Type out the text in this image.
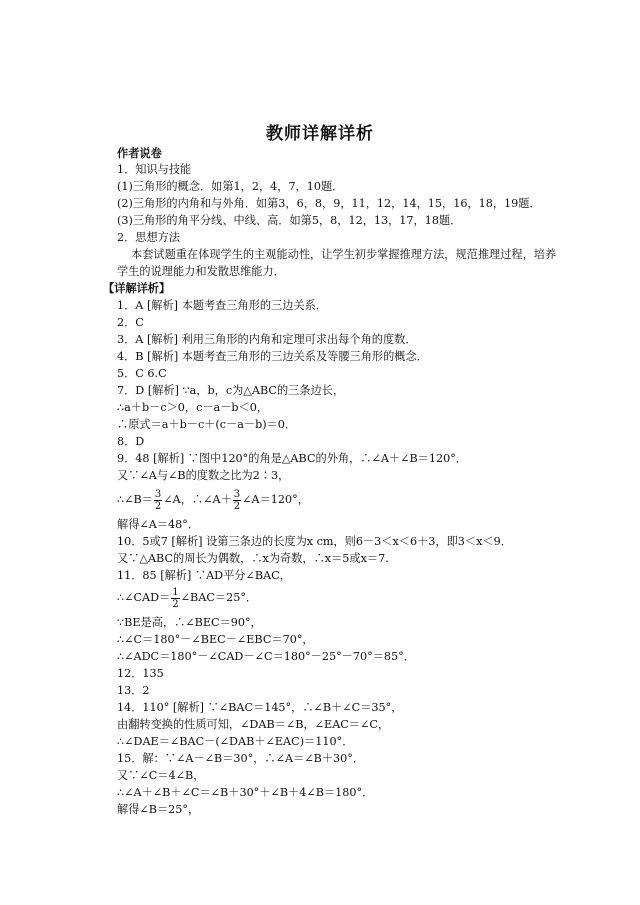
教师详解详析
作者说卷
1．知识与技能
(1)三角形的概念．如第1，2，4，7，10题．
(2)三角形的内角和与外角．如第3，6，8，9，11，12，14，15，16，18，19题．
(3)三角形的角平分线、中线、高．如第5，8，12，13，17，18题．
2．思想方法
本套试题重在体现学生的主观能动性，让学生初步掌握推理方法，规范推理过程，培养
学生的说理能力和发散思维能力．
【详解详析】
1．A [解析] 本题考查三角形的三边关系．
2．C
3．A [解析] 利用三角形的内角和定理可求出每个角的度数．
4．B [解析] 本题考查三角形的三边关系及等腰三角形的概念．
5．C 6.C
7．D [解析] ∵a，b，c为△ABC的三条边长，
∴a＋b－c＞0，c－a－b＜0，
∴原式＝a＋b－c＋(c－a－b)＝0．
8．D
9．48 [解析] ∵图中120°的角是△ABC的外角，∴∠A＋∠B＝120°．
又∵∠A与∠B的度数之比为2∶3，
∴∠B＝ $\frac{3}{2}$ ∠A，∴∠A＋ $\frac{3}{2}$ ∠A＝120°，
解得∠A＝48°．
10．5或7 [解析] 设第三条边的长度为x cm，则6－3＜x＜6＋3，即3＜x＜9．
又∵△ABC的周长为偶数，∴x为奇数，∴x＝5或x＝7.
11．85 [解析] ∵AD平分∠BAC，
∴∠CAD＝ $\frac{1}{2}$ ∠BAC＝25°．
∵BE是高，∴∠BEC＝90°，
∴∠C＝180°－∠BEC－∠EBC＝70°，
∴∠ADC＝180°－∠CAD－∠C＝180°－25°－70°＝85°．
12．135
13．2
14．110° [解析] ∵∠BAC＝145°，∴∠B＋∠C＝35°，
由翻转变换的性质可知，∠DAB＝∠B，∠EAC＝∠C，
∴∠DAE＝∠BAC－(∠DAB＋∠EAC)＝110°．
15．解：∵∠A－∠B＝30°，∴∠A＝∠B＋30°．
又∵∠C＝4∠B，
∴∠A＋∠B＋∠C＝∠B＋30°＋∠B＋4∠B＝180°．
解得∠B＝25°，
